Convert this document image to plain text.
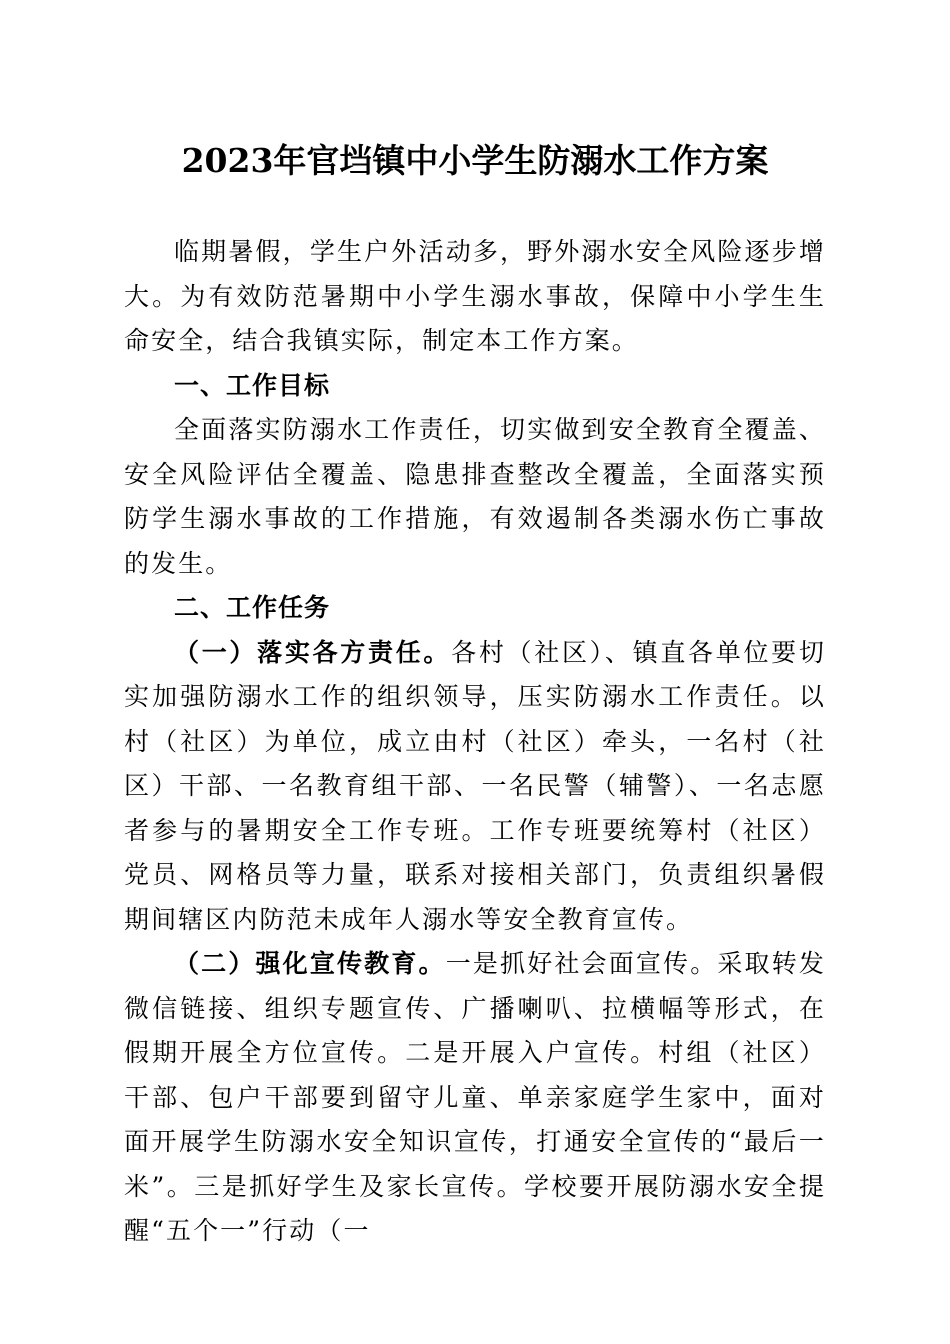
2023年官垱镇中小学生防溺水工作方案

临期暑假，学生户外活动多，野外溺水安全风险逐步增大。为有效防范暑期中小学生溺水事故，保障中小学生生命安全，结合我镇实际，制定本工作方案。

一、工作目标

全面落实防溺水工作责任，切实做到安全教育全覆盖、安全风险评估全覆盖、隐患排查整改全覆盖，全面落实预防学生溺水事故的工作措施，有效遏制各类溺水伤亡事故的发生。

二、工作任务

（一）落实各方责任。各村（社区）、镇直各单位要切实加强防溺水工作的组织领导，压实防溺水工作责任。以村（社区）为单位，成立由村（社区）牵头，一名村（社区）干部、一名教育组干部、一名民警（辅警）、一名志愿者参与的暑期安全工作专班。工作专班要统筹村（社区）党员、网格员等力量，联系对接相关部门，负责组织暑假期间辖区内防范未成年人溺水等安全教育宣传。

（二）强化宣传教育。一是抓好社会面宣传。采取转发微信链接、组织专题宣传、广播喇叭、拉横幅等形式，在假期开展全方位宣传。二是开展入户宣传。村组（社区）干部、包户干部要到留守儿童、单亲家庭学生家中，面对面开展学生防溺水安全知识宣传，打通安全宣传的“最后一米”。三是抓好学生及家长宣传。学校要开展防溺水安全提醒“五个一”行动（一
